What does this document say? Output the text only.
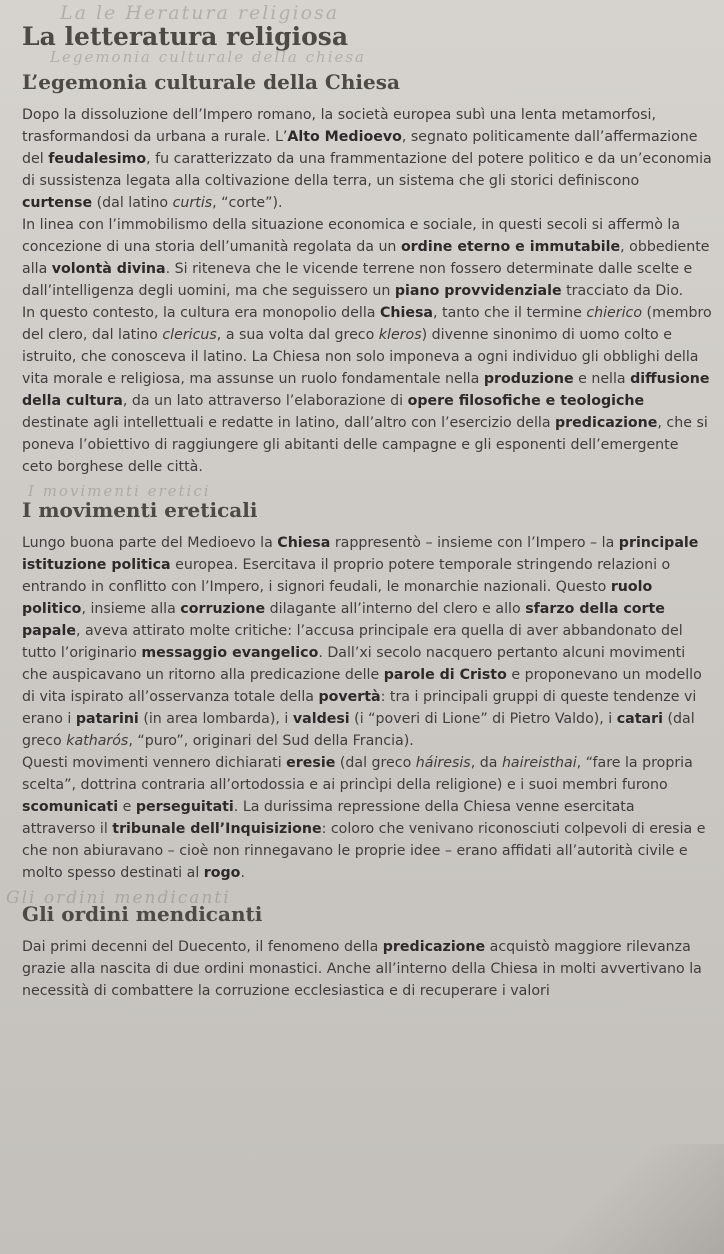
La le Heratura religiosa
Legemonia culturale della chiesa
La letteratura religiosa
L’egemonia culturale della Chiesa

Dopo la dissoluzione dell’Impero romano, la società europea subì una lenta metamorfosi, trasformandosi da urbana a rurale. L’Alto Medioevo, segnato politicamente dall’affermazione del feudalesimo, fu caratterizzato da una frammentazione del potere politico e da un’economia di sussistenza legata alla coltivazione della terra, un sistema che gli storici definiscono curtense (dal latino curtis, “corte”).

In linea con l’immobilismo della situazione economica e sociale, in questi secoli si affermò la concezione di una storia dell’umanità regolata da un ordine eterno e immutabile, obbediente alla volontà divina. Si riteneva che le vicende terrene non fossero determinate dalle scelte e dall’intelligenza degli uomini, ma che seguissero un piano provvidenziale tracciato da Dio.

In questo contesto, la cultura era monopolio della Chiesa, tanto che il termine chierico (membro del clero, dal latino clericus, a sua volta dal greco kleros) divenne sinonimo di uomo colto e istruito, che conosceva il latino. La Chiesa non solo imponeva a ogni individuo gli obblighi della vita morale e religiosa, ma assunse un ruolo fondamentale nella produzione e nella diffusione della cultura, da un lato attraverso l’elaborazione di opere filosofiche e teologiche destinate agli intellettuali e redatte in latino, dall’altro con l’esercizio della predicazione, che si poneva l’obiettivo di raggiungere gli abitanti delle campagne e gli esponenti dell’emergente ceto borghese delle città.

I movimenti eretici
I movimenti ereticali

Lungo buona parte del Medioevo la Chiesa rappresentò – insieme con l’Impero – la principale istituzione politica europea. Esercitava il proprio potere temporale stringendo relazioni o entrando in conflitto con l’Impero, i signori feudali, le monarchie nazionali. Questo ruolo politico, insieme alla corruzione dilagante all’interno del clero e allo sfarzo della corte papale, aveva attirato molte critiche: l’accusa principale era quella di aver abbandonato del tutto l’originario messaggio evangelico. Dall’xi secolo nacquero pertanto alcuni movimenti che auspicavano un ritorno alla predicazione delle parole di Cristo e proponevano un modello di vita ispirato all’osservanza totale della povertà: tra i principali gruppi di queste tendenze vi erano i patarini (in area lombarda), i valdesi (i “poveri di Lione” di Pietro Valdo), i catari (dal greco katharós, “puro”, originari del Sud della Francia).

Questi movimenti vennero dichiarati eresie (dal greco háiresis, da haireisthai, “fare la propria scelta”, dottrina contraria all’ortodossia e ai princìpi della religione) e i suoi membri furono scomunicati e perseguitati. La durissima repressione della Chiesa venne esercitata attraverso il tribunale dell’Inquisizione: coloro che venivano riconosciuti colpevoli di eresia e che non abiuravano – cioè non rinnegavano le proprie idee – erano affidati all’autorità civile e molto spesso destinati al rogo.

Gli ordini mendicanti
Gli ordini mendicanti

Dai primi decenni del Duecento, il fenomeno della predicazione acquistò maggiore rilevanza grazie alla nascita di due ordini monastici. Anche all’interno della Chiesa in molti avvertivano la necessità di combattere la corruzione ecclesiastica e di recuperare i valori
